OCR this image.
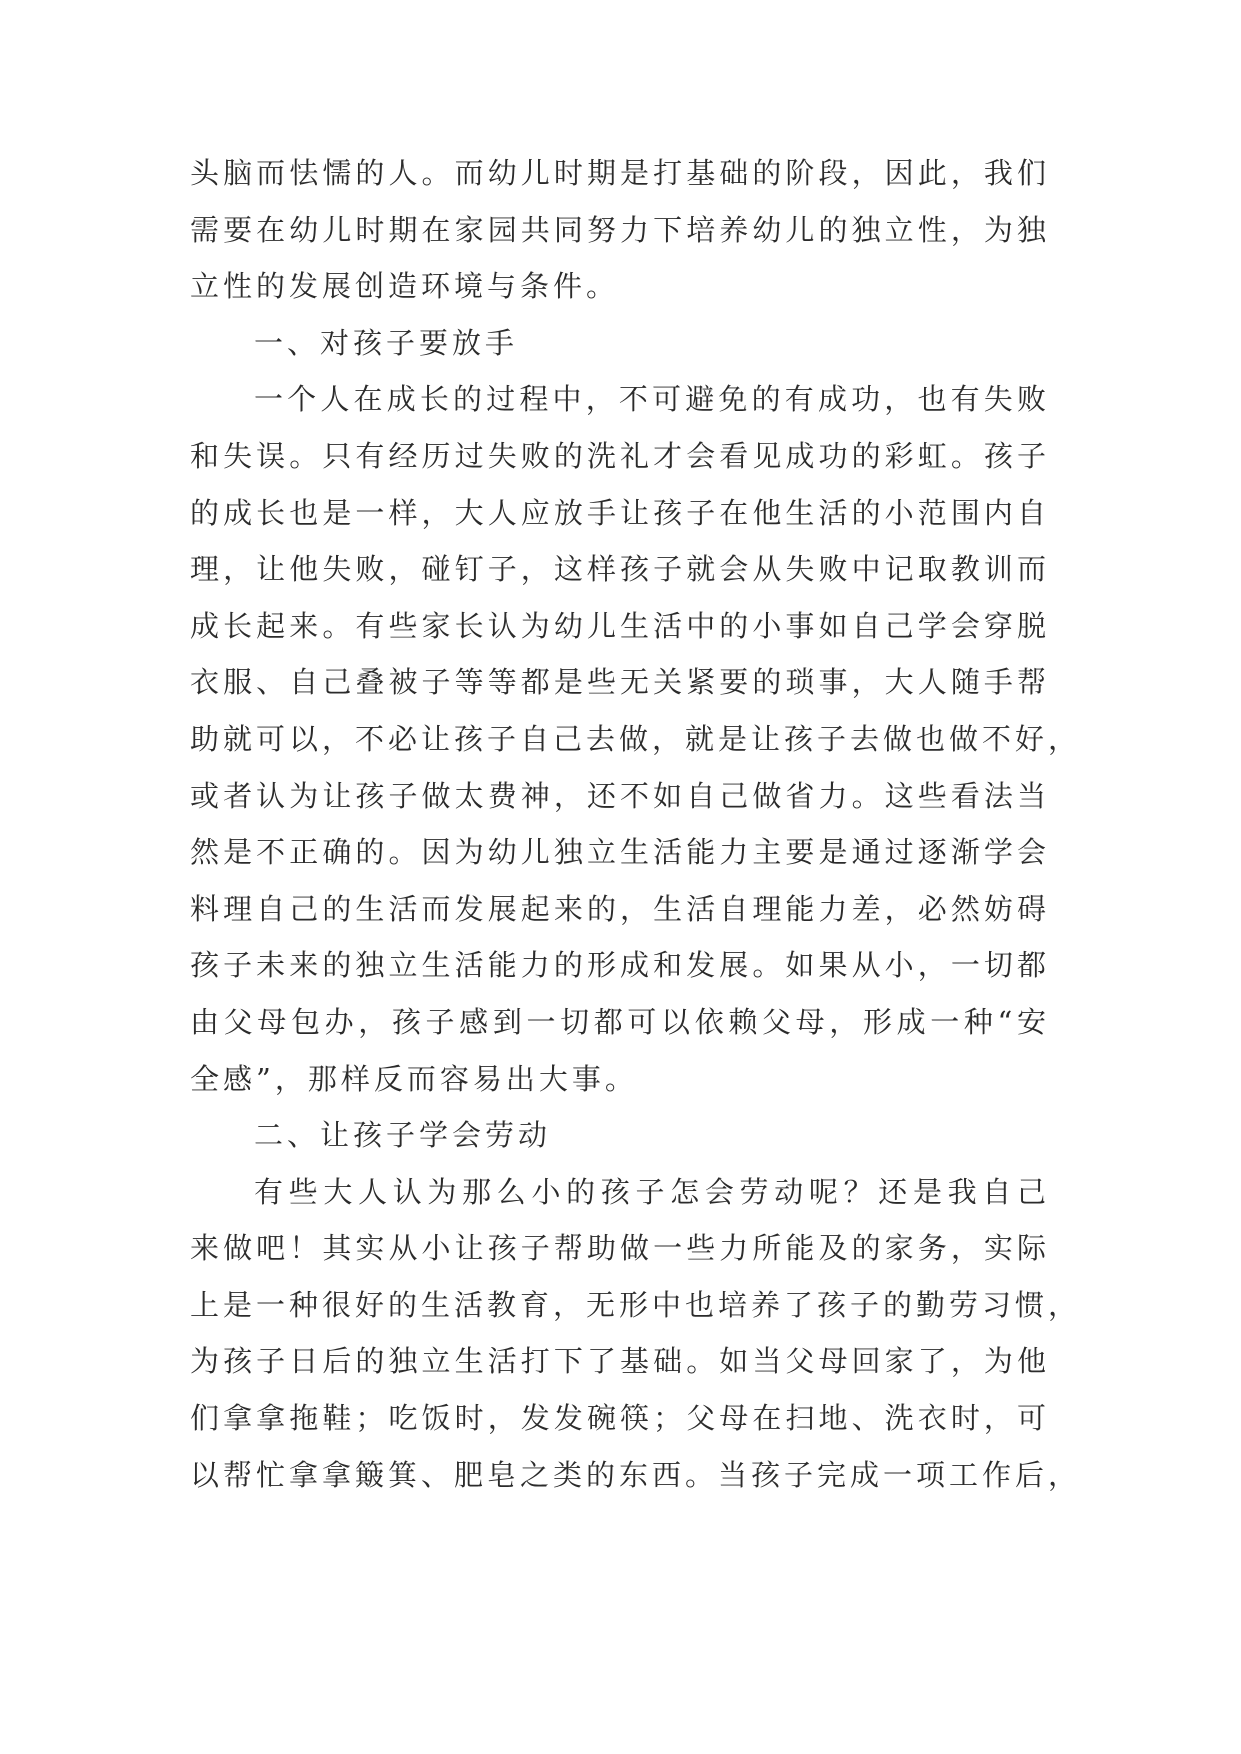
头脑而怯懦的人。而幼儿时期是打基础的阶段，因此，我们
需要在幼儿时期在家园共同努力下培养幼儿的独立性，为独
立性的发展创造环境与条件。

一、对孩子要放手

一个人在成长的过程中，不可避免的有成功，也有失败
和失误。只有经历过失败的洗礼才会看见成功的彩虹。孩子
的成长也是一样，大人应放手让孩子在他生活的小范围内自
理，让他失败，碰钉子，这样孩子就会从失败中记取教训而
成长起来。有些家长认为幼儿生活中的小事如自己学会穿脱
衣服、自己叠被子等等都是些无关紧要的琐事，大人随手帮
助就可以，不必让孩子自己去做，就是让孩子去做也做不好，
或者认为让孩子做太费神，还不如自己做省力。这些看法当
然是不正确的。因为幼儿独立生活能力主要是通过逐渐学会
料理自己的生活而发展起来的，生活自理能力差，必然妨碍
孩子未来的独立生活能力的形成和发展。如果从小，一切都
由父母包办，孩子感到一切都可以依赖父母，形成一种“安
全感”，那样反而容易出大事。

二、让孩子学会劳动

有些大人认为那么小的孩子怎会劳动呢？还是我自己
来做吧！其实从小让孩子帮助做一些力所能及的家务，实际
上是一种很好的生活教育，无形中也培养了孩子的勤劳习惯，
为孩子日后的独立生活打下了基础。如当父母回家了，为他
们拿拿拖鞋；吃饭时，发发碗筷；父母在扫地、洗衣时，可
以帮忙拿拿簸箕、肥皂之类的东西。当孩子完成一项工作后，
